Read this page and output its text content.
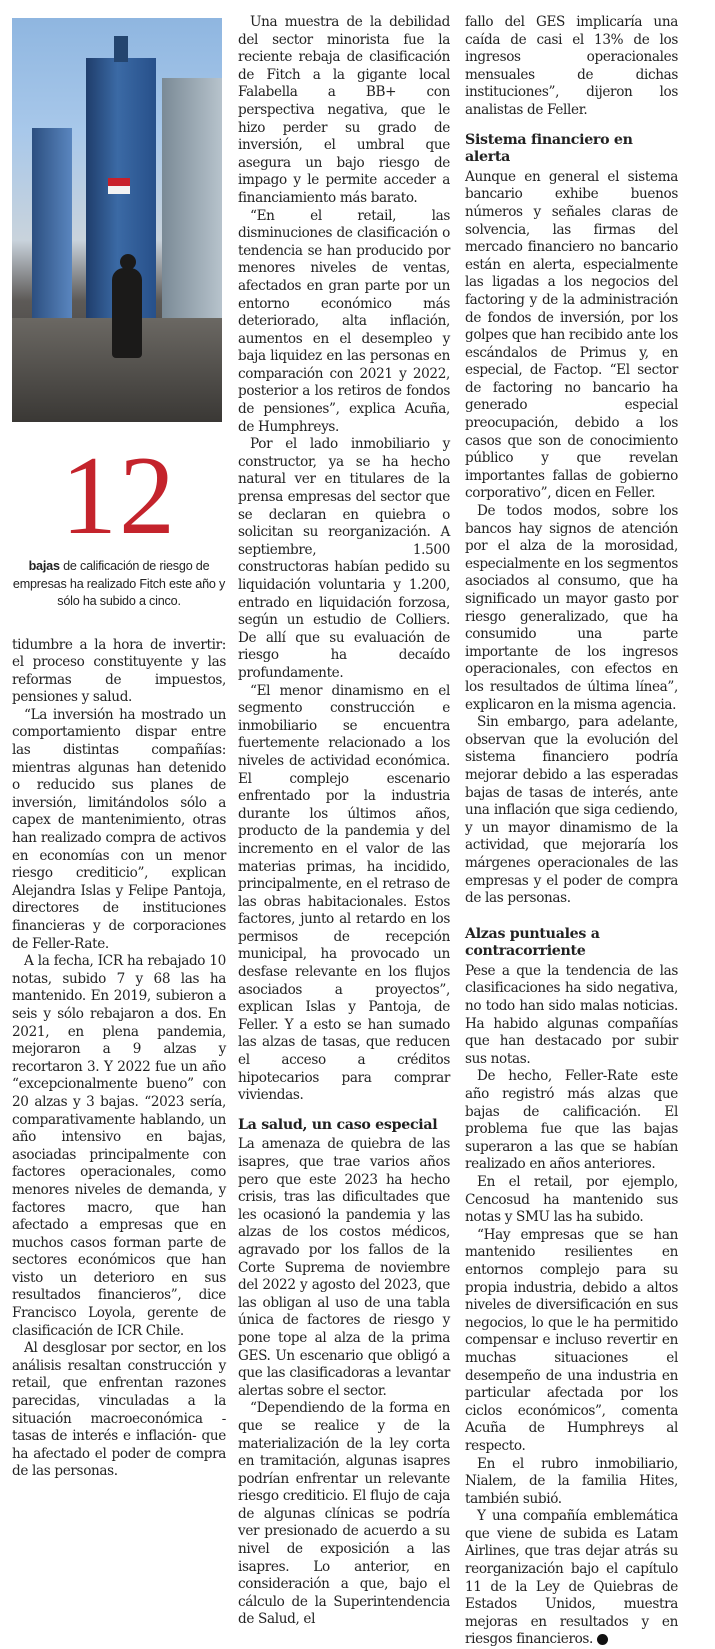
12
bajas de calificación de riesgo de empresas ha realizado Fitch este año y sólo ha subido a cinco.

tidumbre a la hora de invertir: el proceso constituyente y las reformas de impuestos, pensiones y salud.

“La inversión ha mostrado un comportamiento dispar entre las distintas compañías: mientras algunas han detenido o reducido sus planes de inversión, limitándolos sólo a capex de mantenimiento, otras han realizado compra de activos en economías con un menor riesgo crediticio”, explican Alejandra Islas y Felipe Pantoja, directores de instituciones financieras y de corporaciones de Feller-Rate.

A la fecha, ICR ha rebajado 10 notas, subido 7 y 68 las ha mantenido. En 2019, subieron a seis y sólo rebajaron a dos. En 2021, en plena pandemia, mejoraron a 9 alzas y recortaron 3. Y 2022 fue un año “excepcionalmente bueno” con 20 alzas y 3 bajas. “2023 sería, comparativamente hablando, un año intensivo en bajas, asociadas principalmente con factores operacionales, como menores niveles de demanda, y factores macro, que han afectado a empresas que en muchos casos forman parte de sectores económicos que han visto un deterioro en sus resultados financieros”, dice Francisco Loyola, gerente de clasificación de ICR Chile.

Al desglosar por sector, en los análisis resaltan construcción y retail, que enfrentan razones parecidas, vinculadas a la situación macroeconómica -tasas de interés e inflación- que ha afectado el poder de compra de las personas.

Una muestra de la debilidad del sector minorista fue la reciente rebaja de clasificación de Fitch a la gigante local Falabella a BB+ con perspectiva negativa, que le hizo perder su grado de inversión, el umbral que asegura un bajo riesgo de impago y le permite acceder a financiamiento más barato.

“En el retail, las disminuciones de clasificación o tendencia se han producido por menores niveles de ventas, afectados en gran parte por un entorno económico más deteriorado, alta inflación, aumentos en el desempleo y baja liquidez en las personas en comparación con 2021 y 2022, posterior a los retiros de fondos de pensiones”, explica Acuña, de Humphreys.

Por el lado inmobiliario y constructor, ya se ha hecho natural ver en titulares de la prensa empresas del sector que se declaran en quiebra o solicitan su reorganización. A septiembre, 1.500 constructoras habían pedido su liquidación voluntaria y 1.200, entrado en liquidación forzosa, según un estudio de Colliers. De allí que su evaluación de riesgo ha decaído profundamente.

“El menor dinamismo en el segmento construcción e inmobiliario se encuentra fuertemente relacionado a los niveles de actividad económica. El complejo escenario enfrentado por la industria durante los últimos años, producto de la pandemia y del incremento en el valor de las materias primas, ha incidido, principalmente, en el retraso de las obras habitacionales. Estos factores, junto al retardo en los permisos de recepción municipal, ha provocado un desfase relevante en los flujos asociados a proyectos”, explican Islas y Pantoja, de Feller. Y a esto se han sumado las alzas de tasas, que reducen el acceso a créditos hipotecarios para comprar viviendas.

La salud, un caso especial

La amenaza de quiebra de las isapres, que trae varios años pero que este 2023 ha hecho crisis, tras las dificultades que les ocasionó la pandemia y las alzas de los costos médicos, agravado por los fallos de la Corte Suprema de noviembre del 2022 y agosto del 2023, que las obligan al uso de una tabla única de factores de riesgo y pone tope al alza de la prima GES. Un escenario que obligó a que las clasificadoras a levantar alertas sobre el sector.

“Dependiendo de la forma en que se realice y de la materialización de la ley corta en tramitación, algunas isapres podrían enfrentar un relevante riesgo crediticio. El flujo de caja de algunas clínicas se podría ver presionado de acuerdo a su nivel de exposición a las isapres. Lo anterior, en consideración a que, bajo el cálculo de la Superintendencia de Salud, el

fallo del GES implicaría una caída de casi el 13% de los ingresos operacionales mensuales de dichas instituciones”, dijeron los analistas de Feller.

Sistema financiero en alerta

Aunque en general el sistema bancario exhibe buenos números y señales claras de solvencia, las firmas del mercado financiero no bancario están en alerta, especialmente las ligadas a los negocios del factoring y de la administración de fondos de inversión, por los golpes que han recibido ante los escándalos de Primus y, en especial, de Factop. “El sector de factoring no bancario ha generado especial preocupación, debido a los casos que son de conocimiento público y que revelan importantes fallas de gobierno corporativo”, dicen en Feller.

De todos modos, sobre los bancos hay signos de atención por el alza de la morosidad, especialmente en los segmentos asociados al consumo, que ha significado un mayor gasto por riesgo generalizado, que ha consumido una parte importante de los ingresos operacionales, con efectos en los resultados de última línea”, explicaron en la misma agencia.

Sin embargo, para adelante, observan que la evolución del sistema financiero podría mejorar debido a las esperadas bajas de tasas de interés, ante una inflación que siga cediendo, y un mayor dinamismo de la actividad, que mejoraría los márgenes operacionales de las empresas y el poder de compra de las personas.

Alzas puntuales a contracorriente

Pese a que la tendencia de las clasificaciones ha sido negativa, no todo han sido malas noticias. Ha habido algunas compañías que han destacado por subir sus notas.

De hecho, Feller-Rate este año registró más alzas que bajas de calificación. El problema fue que las bajas superaron a las que se habían realizado en años anteriores.

En el retail, por ejemplo, Cencosud ha mantenido sus notas y SMU las ha subido.

“Hay empresas que se han mantenido resilientes en entornos complejo para su propia industria, debido a altos niveles de diversificación en sus negocios, lo que le ha permitido compensar e incluso revertir en muchas situaciones el desempeño de una industria en particular afectada por los ciclos económicos”, comenta Acuña de Humphreys al respecto.

En el rubro inmobiliario, Nialem, de la familia Hites, también subió.

Y una compañía emblemática que viene de subida es Latam Airlines, que tras dejar atrás su reorganización bajo el capítulo 11 de la Ley de Quiebras de Estados Unidos, muestra mejoras en resultados y en riesgos financieros. P
